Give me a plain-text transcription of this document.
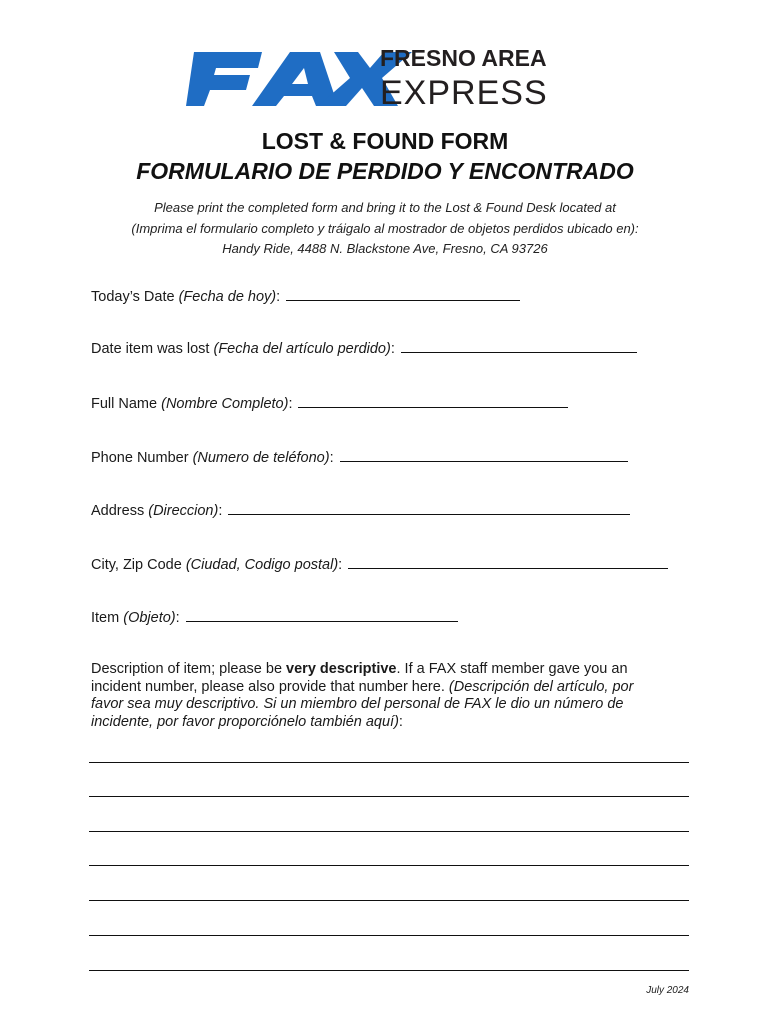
FRESNO AREA
EXPRESS
LOST & FOUND FORM
FORMULARIO DE PERDIDO Y ENCONTRADO
Please print the completed form and bring it to the Lost & Found Desk located at
(Imprima el formulario completo y tráigalo al mostrador de objetos perdidos ubicado en):
Handy Ride, 4488 N. Blackstone Ave, Fresno, CA 93726
Today’s Date (Fecha de hoy):
Date item was lost (Fecha del artículo perdido):
Full Name (Nombre Completo):
Phone Number (Numero de teléfono):
Address (Direccion):
City, Zip Code (Ciudad, Codigo postal):
Item (Objeto):
Description of item; please be very descriptive. If a FAX staff member gave you an
incident number, please also provide that number here. (Descripción del artículo, por
favor sea muy descriptivo. Si un miembro del personal de FAX le dio un número de
incidente, por favor proporciónelo también aquí):
July 2024
